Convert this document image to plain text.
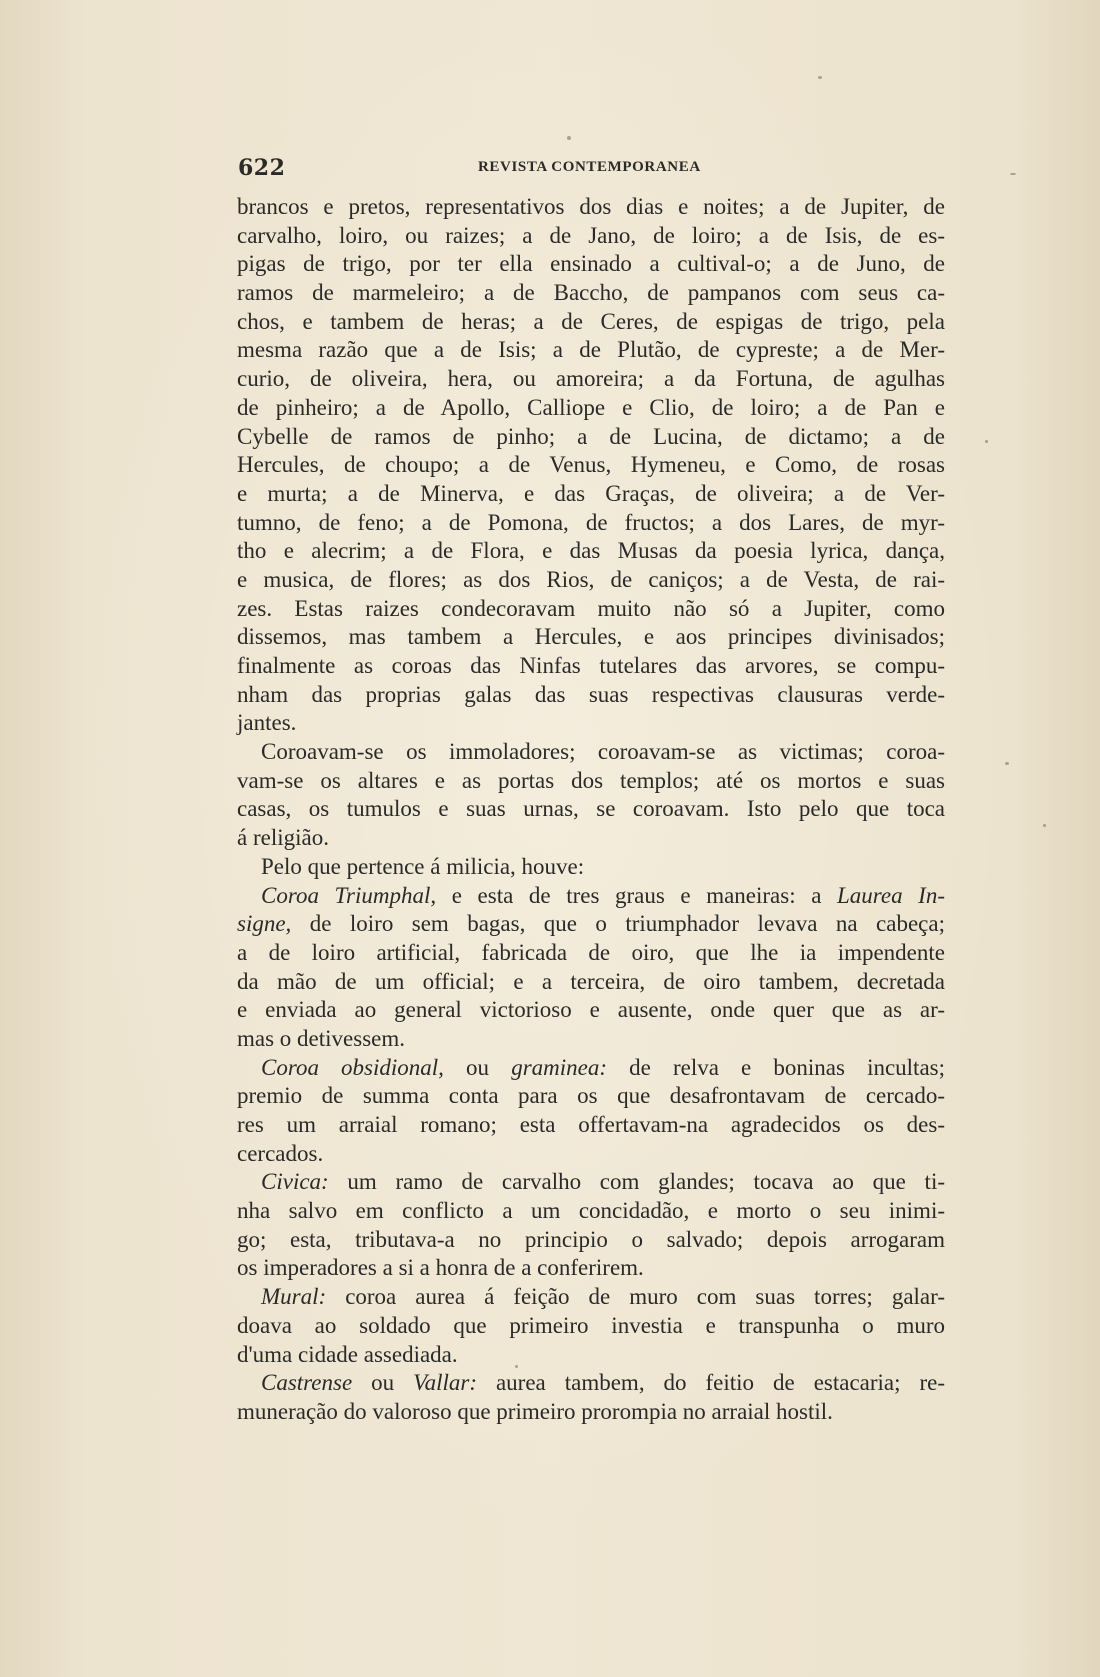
622	REVISTA CONTEMPORANEA
brancos e pretos, representativos dos dias e noites; a de Jupiter, de
carvalho, loiro, ou raizes; a de Jano, de loiro; a de Isis, de es-
pigas de trigo, por ter ella ensinado a cultival-o; a de Juno, de
ramos de marmeleiro; a de Baccho, de pampanos com seus ca-
chos, e tambem de heras; a de Ceres, de espigas de trigo, pela
mesma razão que a de Isis; a de Plutão, de cypreste; a de Mer-
curio, de oliveira, hera, ou amoreira; a da Fortuna, de agulhas
de pinheiro; a de Apollo, Calliope e Clio, de loiro; a de Pan e
Cybelle de ramos de pinho; a de Lucina, de dictamo; a de
Hercules, de choupo; a de Venus, Hymeneu, e Como, de rosas
e murta; a de Minerva, e das Graças, de oliveira; a de Ver-
tumno, de feno; a de Pomona, de fructos; a dos Lares, de myr-
tho e alecrim; a de Flora, e das Musas da poesia lyrica, dança,
e musica, de flores; as dos Rios, de caniços; a de Vesta, de rai-
zes. Estas raizes condecoravam muito não só a Jupiter, como
dissemos, mas tambem a Hercules, e aos principes divinisados;
finalmente as coroas das Ninfas tutelares das arvores, se compu-
nham das proprias galas das suas respectivas clausuras verde-
jantes.
Coroavam-se os immoladores; coroavam-se as victimas; coroa-
vam-se os altares e as portas dos templos; até os mortos e suas
casas, os tumulos e suas urnas, se coroavam. Isto pelo que toca
á religião.
Pelo que pertence á milicia, houve:
Coroa Triumphal, e esta de tres graus e maneiras: a Laurea In-
signe, de loiro sem bagas, que o triumphador levava na cabeça;
a de loiro artificial, fabricada de oiro, que lhe ia impendente
da mão de um official; e a terceira, de oiro tambem, decretada
e enviada ao general victorioso e ausente, onde quer que as ar-
mas o detivessem.
Coroa obsidional, ou graminea: de relva e boninas incultas;
premio de summa conta para os que desafrontavam de cercado-
res um arraial romano; esta offertavam-na agradecidos os des-
cercados.
Civica: um ramo de carvalho com glandes; tocava ao que ti-
nha salvo em conflicto a um concidadão, e morto o seu inimi-
go; esta, tributava-a no principio o salvado; depois arrogaram
os imperadores a si a honra de a conferirem.
Mural: coroa aurea á feição de muro com suas torres; galar-
doava ao soldado que primeiro investia e transpunha o muro
d'uma cidade assediada.
Castrense ou Vallar: aurea tambem, do feitio de estacaria; re-
muneração do valoroso que primeiro prorompia no arraial hostil.
